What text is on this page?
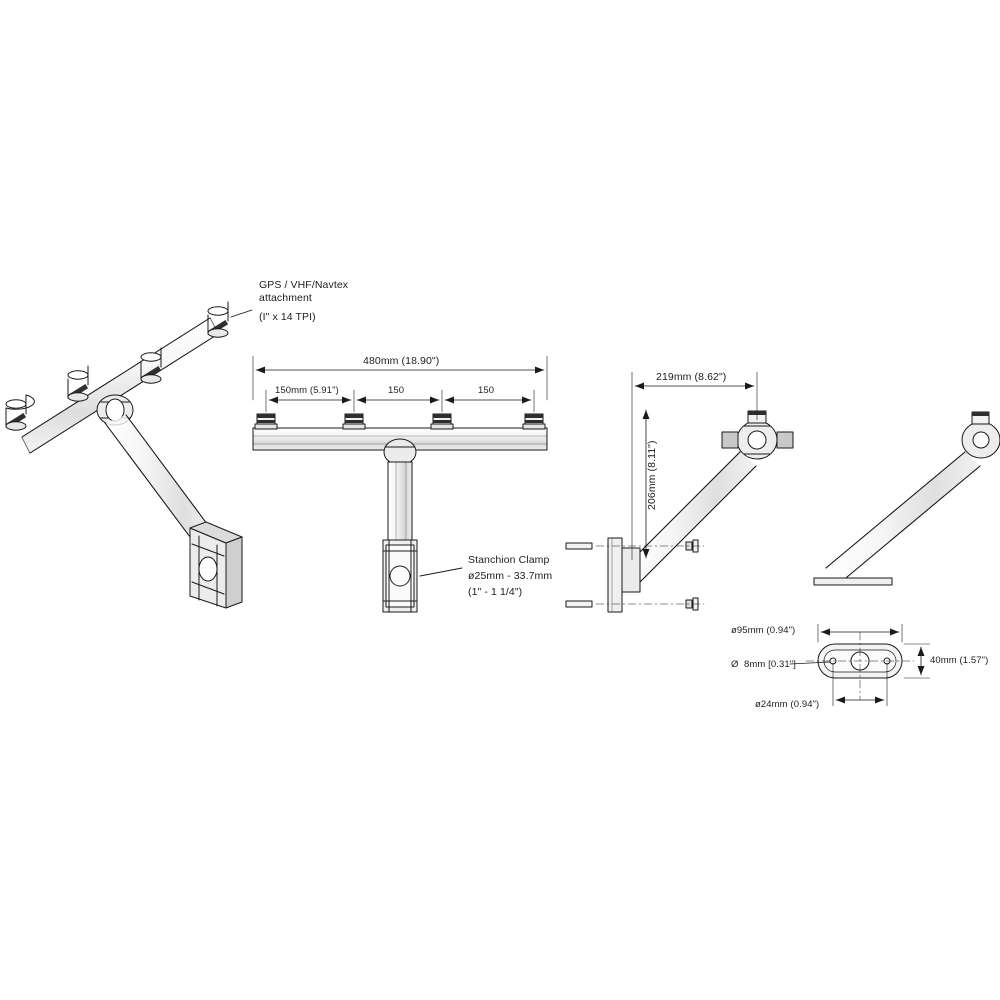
GPS / VHF/Navtex
attachment
(I" x 14 TPI)
Stanchion Clamp
ø25mm - 33.7mm
(1" - 1 1/4")
480mm (18.90")
150mm (5.91")	150	150
219mm (8.62")
206mm (8.11")
ø95mm (0.94")
40mm (1.57")
Ø  8mm [0.31"]
ø24mm (0.94")
